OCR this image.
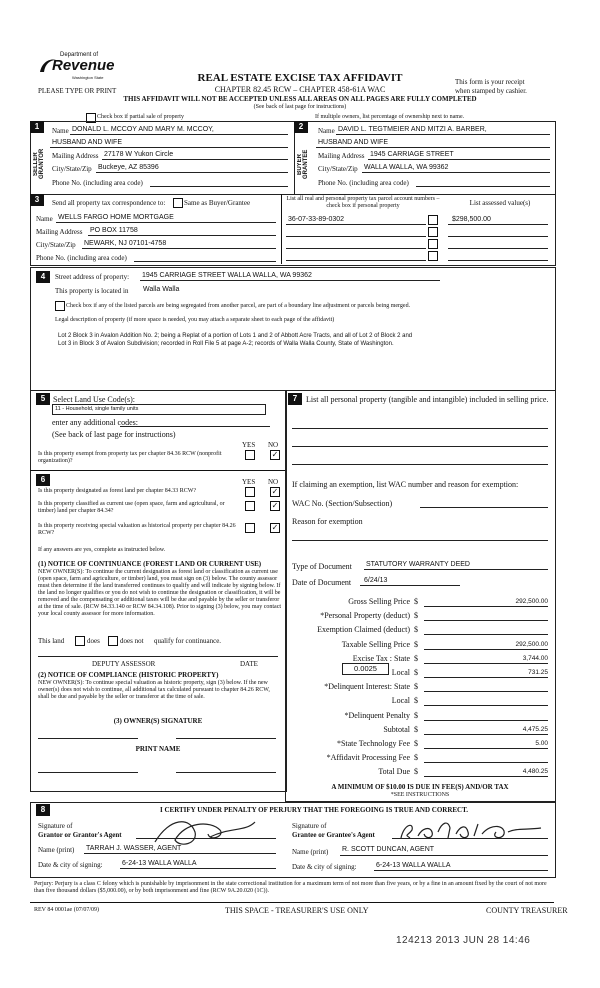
Department of
Revenue
Washington State
PLEASE TYPE OR PRINT
REAL ESTATE EXCISE TAX AFFIDAVIT
CHAPTER 82.45 RCW – CHAPTER 458-61A WAC
THIS AFFIDAVIT WILL NOT BE ACCEPTED UNLESS ALL AREAS ON ALL PAGES ARE FULLY COMPLETED
(See back of last page for instructions)
This form is your receipt
when stamped by cashier.
Check box if partial sale of property	If multiple owners, list percentage of ownership next to name.
1
SELLER GRANTOR
Name DONALD L. MCCOY AND MARY M. MCCOY,
HUSBAND AND WIFE
Mailing Address 27178 W Yukon Circle
City/State/Zip Buckeye, AZ 85396
Phone No. (including area code)
2
BUYER GRANTEE
Name DAVID L. TEGTMEIER AND MITZI A. BARBER,
HUSBAND AND WIFE
Mailing Address 1945 CARRIAGE STREET
City/State/Zip WALLA WALLA, WA 99362
Phone No. (including area code)
3	Send all property tax correspondence to:	Same as Buyer/Grantee	List all real and personal property tax parcel account numbers – check box if personal property	List assessed value(s)
Name WELLS FARGO HOME MORTGAGE
Mailing Address PO BOX 11758
City/State/Zip NEWARK, NJ 07101-4758
Phone No. (including area code)
36-07-33-89-0302	$298,500.00
4	Street address of property: 1945 CARRIAGE STREET WALLA WALLA, WA 99362
This property is located in Walla Walla
Check box if any of the listed parcels are being segregated from another parcel, are part of a boundary line adjustment or parcels being merged.
Legal description of property (if more space is needed, you may attach a separate sheet to each page of the affidavit)
Lot 2 Block 3 in Avalon Addition No. 2; being a Replat of a portion of Lots 1 and 2 of Abbott Acre Tracts, and all of Lot 2 of Block 2 and
Lot 3 in Block 3 of Avalon Subdivision; recorded in Roll File 5 at page A-2; records of Walla Walla County, State of Washington.
5 Select Land Use Code(s):
11 - Household, single family units
enter any additional codes:
(See back of last page for instructions)
YES NO
Is this property exempt from property tax per chapter 84.36 RCW (nonprofit organization)?
✓
6	YES NO
Is this property designated as forest land per chapter 84.33 RCW?	✓
Is this property classified as current use (open space, farm and agricultural, or timber) land per chapter 84.34?
✓
Is this property receiving special valuation as historical property per chapter 84.26 RCW?
✓
If any answers are yes, complete as instructed below.
(1) NOTICE OF CONTINUANCE (FOREST LAND OR CURRENT USE)
NEW OWNER(S): To continue the current designation as forest land or classification as current use (open space, farm and agriculture, or timber) land, you must sign on (3) below. The county assessor must then determine if the land transferred continues to qualify and will indicate by signing below. If the land no longer qualifies or you do not wish to continue the designation or classification, it will be removed and the compensating or additional taxes will be due and payable by the seller or transferor at the time of sale. (RCW 84.33.140 or RCW 84.34.108). Prior to signing (3) below, you may contact your local county assessor for more information.
This land	does	does not qualify for continuance.
DEPUTY ASSESSOR	DATE
(2) NOTICE OF COMPLIANCE (HISTORIC PROPERTY)
NEW OWNER(S): To continue special valuation as historic property, sign (3) below. If the new owner(s) does not wish to continue, all additional tax calculated pursuant to chapter 84.26 RCW, shall be due and payable by the seller or transferor at the time of sale.
(3) OWNER(S) SIGNATURE
PRINT NAME
7	List all personal property (tangible and intangible) included in selling price.
If claiming an exemption, list WAC number and reason for exemption:
WAC No. (Section/Subsection)
Reason for exemption
Type of Document STATUTORY WARRANTY DEED
Date of Document 6/24/13
Gross Selling Price $	292,500.00
*Personal Property (deduct) $
Exemption Claimed (deduct) $
Taxable Selling Price $	292,500.00
Excise Tax : State $	3,744.00
Local $	731.25
*Delinquent Interest: State $
Local $
*Delinquent Penalty $
Subtotal $	4,475.25
*State Technology Fee $	5.00
*Affidavit Processing Fee $
Total Due $	4,480.25
0.0025
A MINIMUM OF $10.00 IS DUE IN FEE(S) AND/OR TAX
*SEE INSTRUCTIONS
8	I CERTIFY UNDER PENALTY OF PERJURY THAT THE FOREGOING IS TRUE AND CORRECT.
Signature of
Grantor or Grantor's Agent
Name (print) TARRAH J. WASSER, AGENT
Date & city of signing:	6-24-13 WALLA WALLA
Signature of
Grantee or Grantee's Agent
Name (print) R. SCOTT DUNCAN, AGENT
Date & city of signing:	6-24-13 WALLA WALLA
Perjury: Perjury is a class C felony which is punishable by imprisonment in the state correctional institution for a maximum term of not more than five years, or by a fine in an amount fixed by the court of not more than five thousand dollars ($5,000.00), or by both imprisonment and fine (RCW 9A.20.020 (1C)).
REV 84 0001ae (07/07/09)	THIS SPACE - TREASURER'S USE ONLY	COUNTY TREASURER
124213 2013 JUN 28 14:46
